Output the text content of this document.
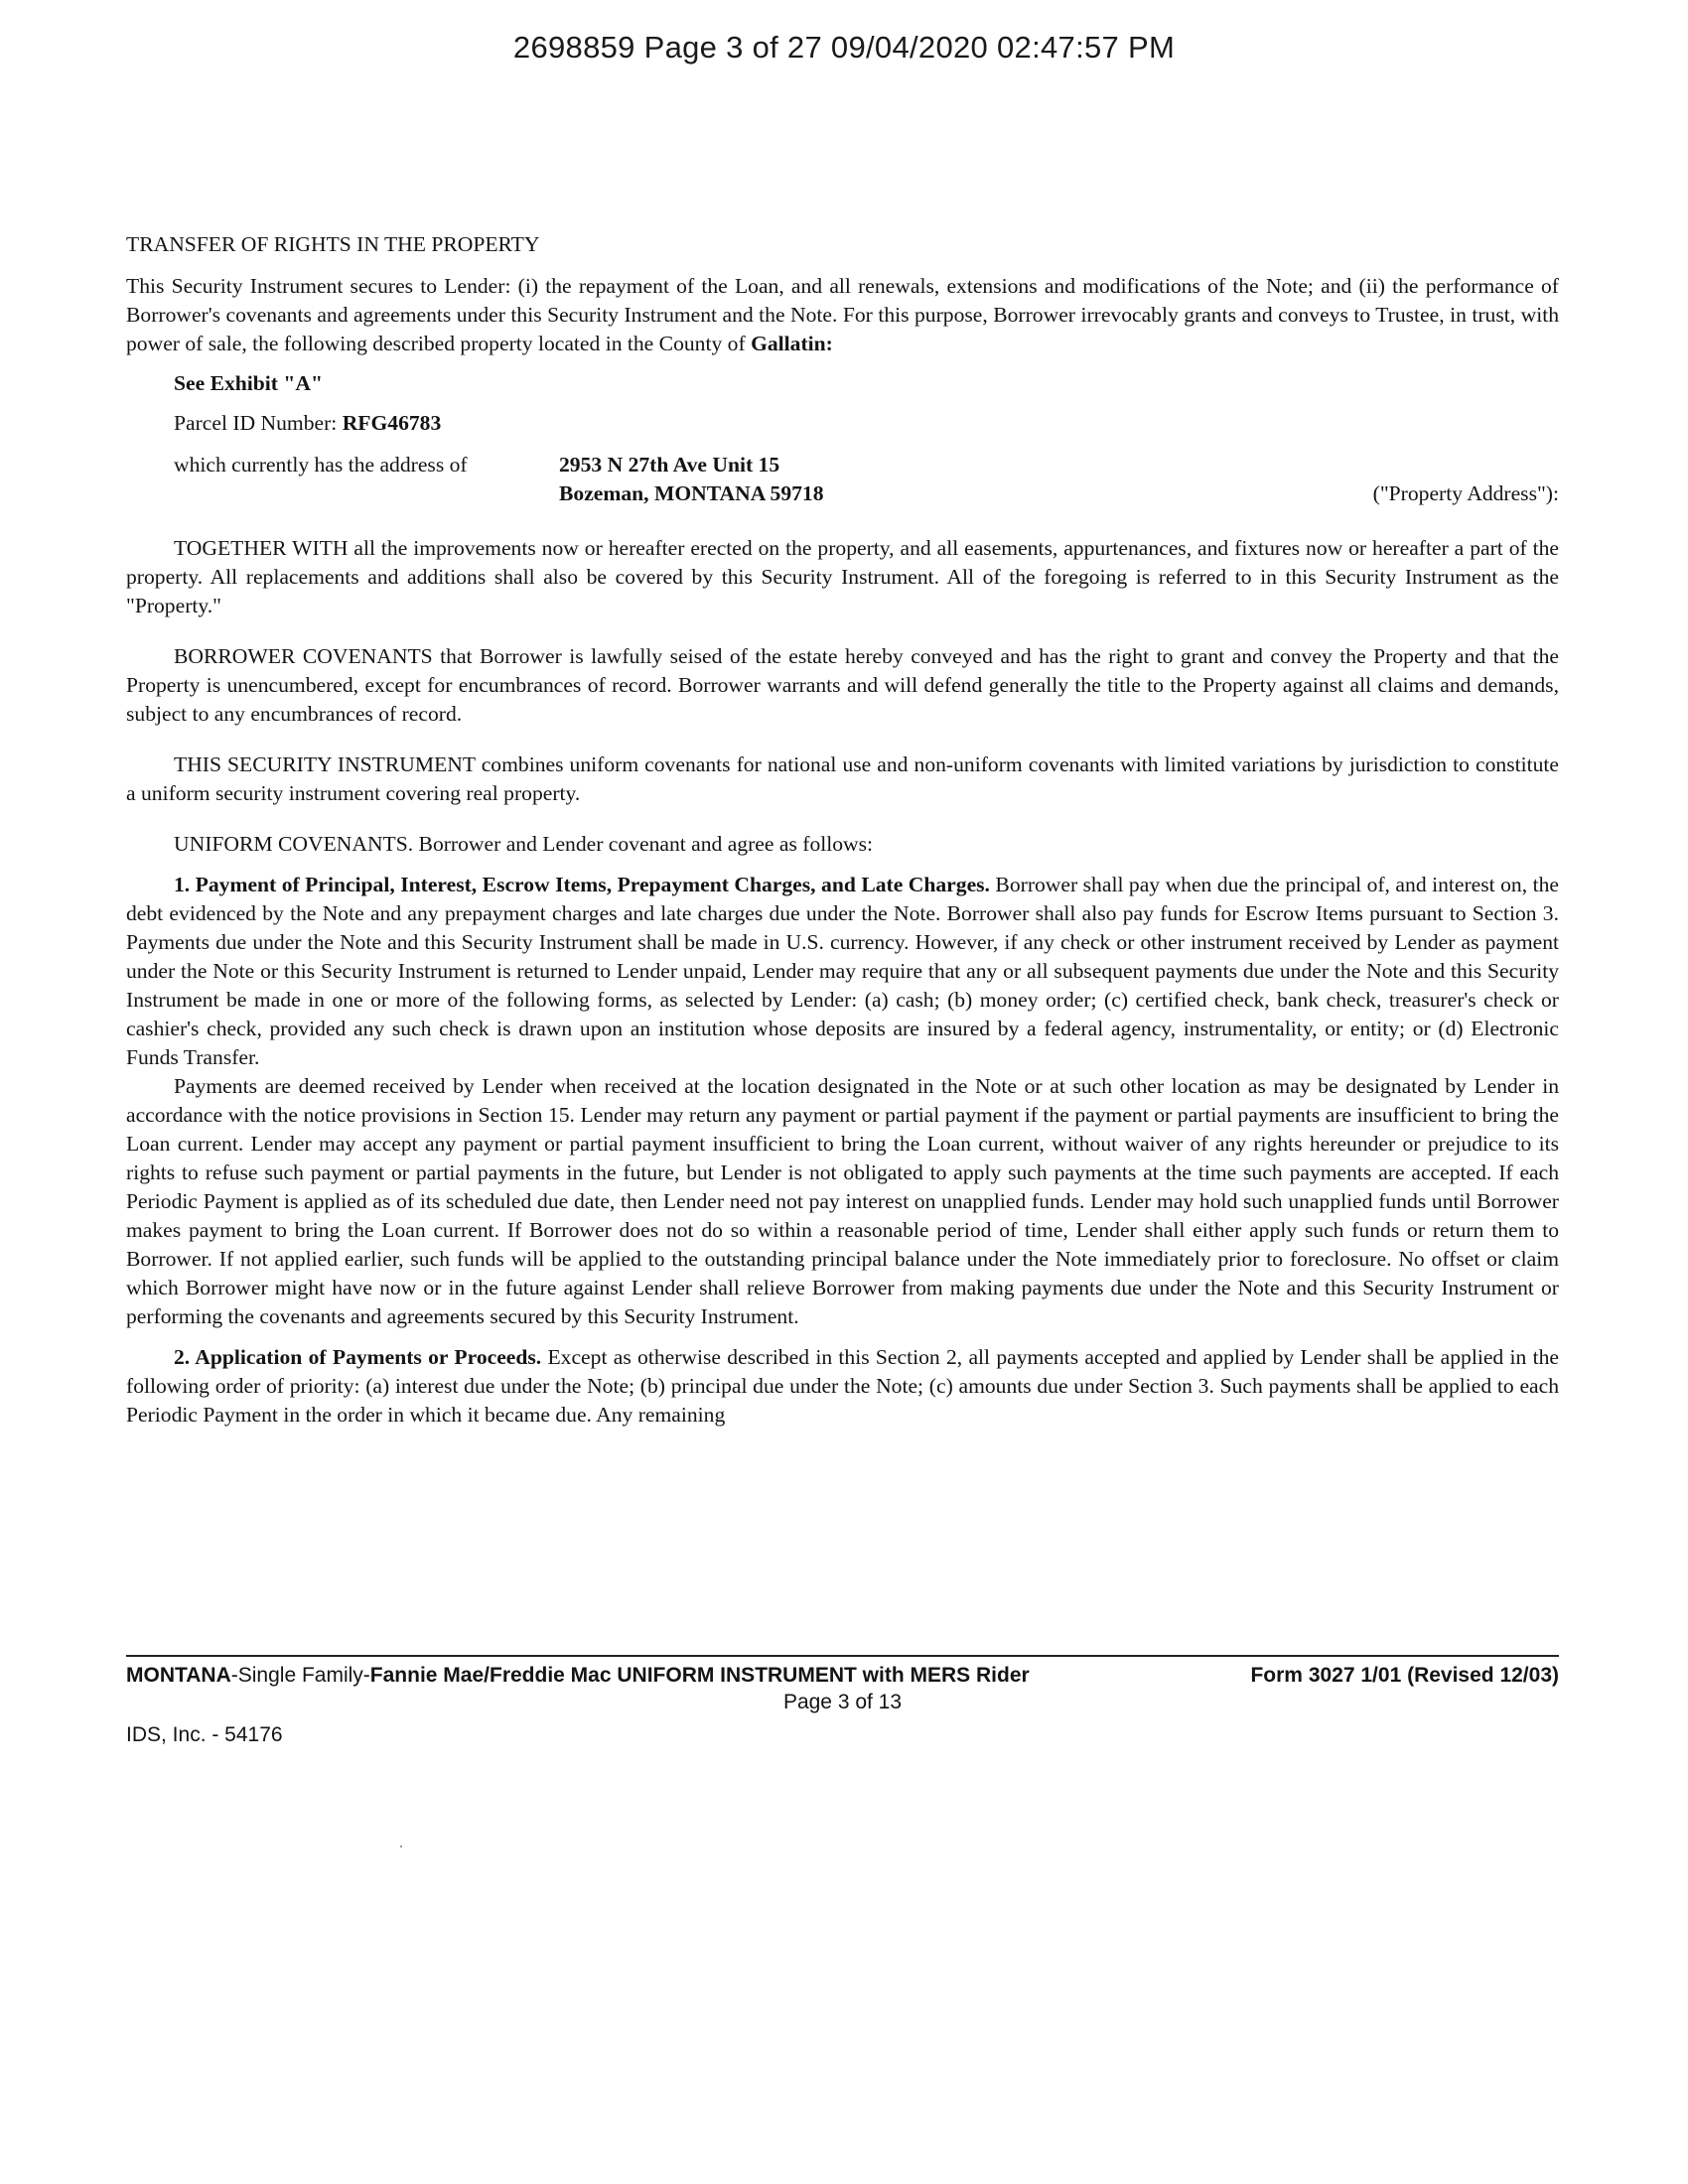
2698859 Page 3 of 27 09/04/2020 02:47:57 PM
TRANSFER OF RIGHTS IN THE PROPERTY

This Security Instrument secures to Lender: (i) the repayment of the Loan, and all renewals, extensions and modifications of the Note; and (ii) the performance of Borrower's covenants and agreements under this Security Instrument and the Note. For this purpose, Borrower irrevocably grants and conveys to Trustee, in trust, with power of sale, the following described property located in the County of Gallatin:

See Exhibit "A"
Parcel ID Number: RFG46783
which currently has the address of	2953 N 27th Ave Unit 15
Bozeman, MONTANA 59718	("Property Address"):

TOGETHER WITH all the improvements now or hereafter erected on the property, and all easements, appurtenances, and fixtures now or hereafter a part of the property. All replacements and additions shall also be covered by this Security Instrument. All of the foregoing is referred to in this Security Instrument as the "Property."

BORROWER COVENANTS that Borrower is lawfully seised of the estate hereby conveyed and has the right to grant and convey the Property and that the Property is unencumbered, except for encumbrances of record. Borrower warrants and will defend generally the title to the Property against all claims and demands, subject to any encumbrances of record.

THIS SECURITY INSTRUMENT combines uniform covenants for national use and non-uniform covenants with limited variations by jurisdiction to constitute a uniform security instrument covering real property.

UNIFORM COVENANTS. Borrower and Lender covenant and agree as follows:

1. Payment of Principal, Interest, Escrow Items, Prepayment Charges, and Late Charges. Borrower shall pay when due the principal of, and interest on, the debt evidenced by the Note and any prepayment charges and late charges due under the Note. Borrower shall also pay funds for Escrow Items pursuant to Section 3. Payments due under the Note and this Security Instrument shall be made in U.S. currency. However, if any check or other instrument received by Lender as payment under the Note or this Security Instrument is returned to Lender unpaid, Lender may require that any or all subsequent payments due under the Note and this Security Instrument be made in one or more of the following forms, as selected by Lender: (a) cash; (b) money order; (c) certified check, bank check, treasurer's check or cashier's check, provided any such check is drawn upon an institution whose deposits are insured by a federal agency, instrumentality, or entity; or (d) Electronic Funds Transfer.

Payments are deemed received by Lender when received at the location designated in the Note or at such other location as may be designated by Lender in accordance with the notice provisions in Section 15. Lender may return any payment or partial payment if the payment or partial payments are insufficient to bring the Loan current. Lender may accept any payment or partial payment insufficient to bring the Loan current, without waiver of any rights hereunder or prejudice to its rights to refuse such payment or partial payments in the future, but Lender is not obligated to apply such payments at the time such payments are accepted. If each Periodic Payment is applied as of its scheduled due date, then Lender need not pay interest on unapplied funds. Lender may hold such unapplied funds until Borrower makes payment to bring the Loan current. If Borrower does not do so within a reasonable period of time, Lender shall either apply such funds or return them to Borrower. If not applied earlier, such funds will be applied to the outstanding principal balance under the Note immediately prior to foreclosure. No offset or claim which Borrower might have now or in the future against Lender shall relieve Borrower from making payments due under the Note and this Security Instrument or performing the covenants and agreements secured by this Security Instrument.

2. Application of Payments or Proceeds. Except as otherwise described in this Section 2, all payments accepted and applied by Lender shall be applied in the following order of priority: (a) interest due under the Note; (b) principal due under the Note; (c) amounts due under Section 3. Such payments shall be applied to each Periodic Payment in the order in which it became due. Any remaining

MONTANA-Single Family-Fannie Mae/Freddie Mac UNIFORM INSTRUMENT with MERS Rider	Form 3027 1/01 (Revised 12/03)
Page 3 of 13
IDS, Inc. - 54176
